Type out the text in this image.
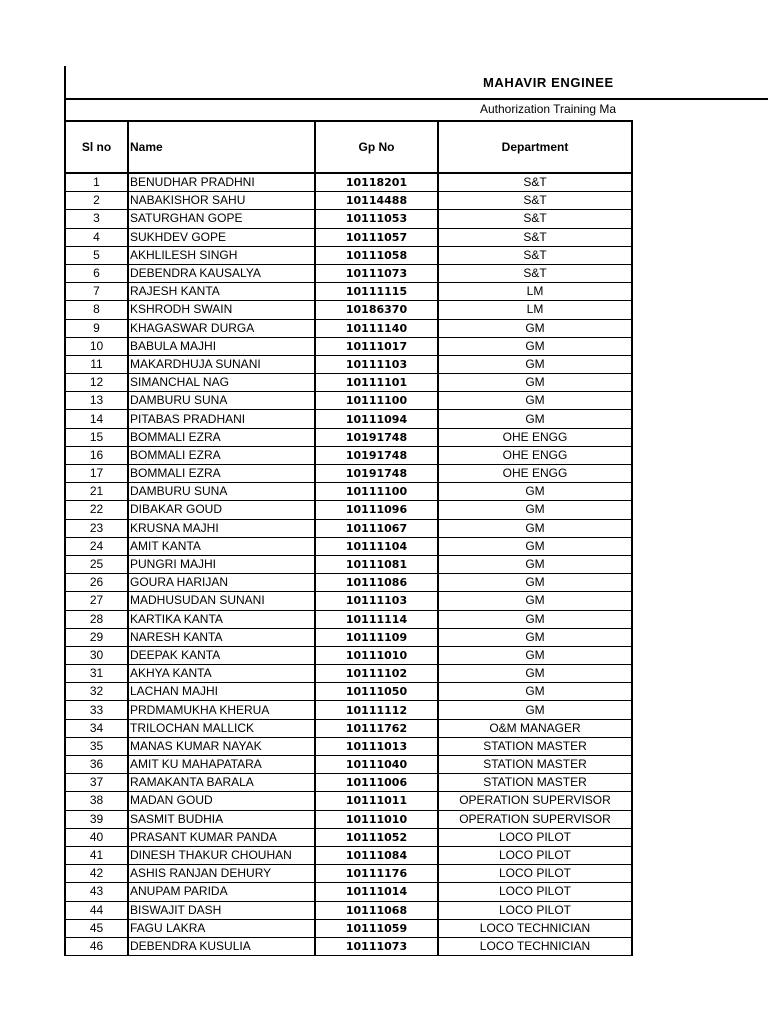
MAHAVIR ENGINEE
Authorization Training Ma
Sl no	Name	Gp No	Department
1	BENUDHAR PRADHNI	10118201	S&T
2	NABAKISHOR SAHU	10114488	S&T
3	SATURGHAN GOPE	10111053	S&T
4	SUKHDEV GOPE	10111057	S&T
5	AKHLILESH SINGH	10111058	S&T
6	DEBENDRA KAUSALYA	10111073	S&T
7	RAJESH KANTA	10111115	LM
8	KSHRODH SWAIN	10186370	LM
9	KHAGASWAR DURGA	10111140	GM
10	BABULA MAJHI	10111017	GM
11	MAKARDHUJA SUNANI	10111103	GM
12	SIMANCHAL NAG	10111101	GM
13	DAMBURU SUNA	10111100	GM
14	PITABAS PRADHANI	10111094	GM
15	BOMMALI EZRA	10191748	OHE ENGG
16	BOMMALI EZRA	10191748	OHE ENGG
17	BOMMALI EZRA	10191748	OHE ENGG
21	DAMBURU SUNA	10111100	GM
22	DIBAKAR GOUD	10111096	GM
23	KRUSNA MAJHI	10111067	GM
24	AMIT KANTA	10111104	GM
25	PUNGRI MAJHI	10111081	GM
26	GOURA HARIJAN	10111086	GM
27	MADHUSUDAN SUNANI	10111103	GM
28	KARTIKA KANTA	10111114	GM
29	NARESH KANTA	10111109	GM
30	DEEPAK KANTA	10111010	GM
31	AKHYA KANTA	10111102	GM
32	LACHAN MAJHI	10111050	GM
33	PRDMAMUKHA KHERUA	10111112	GM
34	TRILOCHAN MALLICK	10111762	O&M MANAGER
35	MANAS KUMAR NAYAK	10111013	STATION MASTER
36	AMIT KU MAHAPATARA	10111040	STATION MASTER
37	RAMAKANTA BARALA	10111006	STATION MASTER
38	MADAN GOUD	10111011	OPERATION SUPERVISOR
39	SASMIT BUDHIA	10111010	OPERATION SUPERVISOR
40	PRASANT KUMAR PANDA	10111052	LOCO PILOT
41	DINESH THAKUR CHOUHAN	10111084	LOCO PILOT
42	ASHIS RANJAN DEHURY	10111176	LOCO PILOT
43	ANUPAM PARIDA	10111014	LOCO PILOT
44	BISWAJIT DASH	10111068	LOCO PILOT
45	FAGU LAKRA	10111059	LOCO TECHNICIAN
46	DEBENDRA KUSULIA	10111073	LOCO TECHNICIAN
